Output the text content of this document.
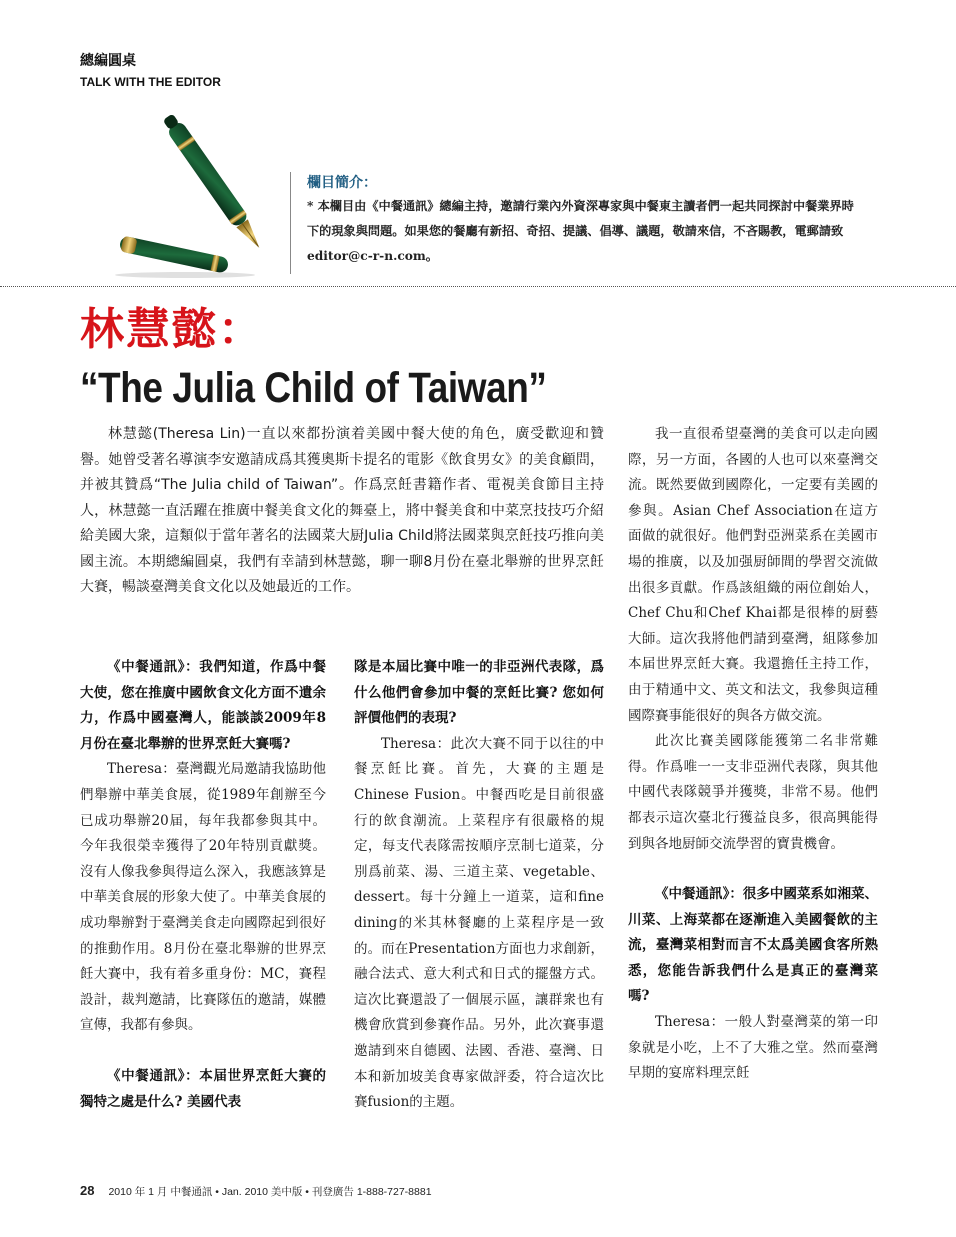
總編圓桌
TALK WITH THE EDITOR

欄目簡介：

* 本欄目由《中餐通訊》總編主持，邀請行業內外資深專家與中餐東主讀者們一起共同探討中餐業界時下的現象與問題。如果您的餐廳有新招、奇招、提議、倡導、議題，敬請來信，不吝賜教，電郵請致editor@c-r-n.com。

林慧懿：
“The Julia Child of Taiwan”

林慧懿(Theresa Lin)一直以來都扮演着美國中餐大使的角色，廣受歡迎和贊譽。她曾受著名導演李安邀請成爲其獲奧斯卡提名的電影《飲食男女》的美食顧問，并被其贊爲“The Julia child of Taiwan”。作爲烹飪書籍作者、電視美食節目主持人，林慧懿一直活躍在推廣中餐美食文化的舞臺上，將中餐美食和中菜烹技技巧介紹給美國大衆，這類似于當年著名的法國菜大厨Julia Child將法國菜與烹飪技巧推向美國主流。本期總編圓桌，我們有幸請到林慧懿，聊一聊8月份在臺北舉辦的世界烹飪大賽，暢談臺灣美食文化以及她最近的工作。

《中餐通訊》：我們知道，作爲中餐大使，您在推廣中國飲食文化方面不遺余力，作爲中國臺灣人，能談談2009年8月份在臺北舉辦的世界烹飪大賽嗎?

Theresa：臺灣觀光局邀請我協助他們舉辦中華美食展，從1989年創辦至今已成功舉辦20届，每年我都參與其中。今年我很榮幸獲得了20年特別貢獻獎。沒有人像我參與得這么深入，我應該算是中華美食展的形象大使了。中華美食展的成功舉辦對于臺灣美食走向國際起到很好的推動作用。8月份在臺北舉辦的世界烹飪大賽中，我有着多重身份：MC，賽程設計，裁判邀請，比賽隊伍的邀請，媒體宣傳，我都有參與。

《中餐通訊》：本届世界烹飪大賽的獨特之處是什么? 美國代表

隊是本屆比賽中唯一的非亞洲代表隊，爲什么他們會參加中餐的烹飪比賽? 您如何評價他們的表現?

Theresa：此次大賽不同于以往的中餐烹飪比賽。首先，大賽的主題是Chinese Fusion。中餐西吃是目前很盛行的飲食潮流。上菜程序有很嚴格的規定，每支代表隊需按順序烹制七道菜，分別爲前菜、湯、三道主菜、vegetable、dessert。每十分鐘上一道菜，這和fine dining的米其林餐廳的上菜程序是一致的。而在Presentation方面也力求創新，融合法式、意大利式和日式的擺盤方式。這次比賽還設了一個展示區，讓群衆也有機會欣賞到參賽作品。另外，此次賽事還邀請到來自德國、法國、香港、臺灣、日本和新加坡美食專家做評委，符合這次比賽fusion的主題。

我一直很希望臺灣的美食可以走向國際，另一方面，各國的人也可以來臺灣交流。既然要做到國際化，一定要有美國的參與。Asian Chef Association在這方面做的就很好。他們對亞洲菜系在美國市場的推廣，以及加强厨師間的學習交流做出很多貢獻。作爲該組織的兩位創始人，Chef Chu和Chef Khai都是很棒的厨藝大師。這次我將他們請到臺灣，組隊參加本届世界烹飪大賽。我還擔任主持工作，由于精通中文、英文和法文，我參與這種國際賽事能很好的與各方做交流。

此次比賽美國隊能獲第二名非常難得。作爲唯一一支非亞洲代表隊，與其他中國代表隊競爭并獲獎，非常不易。他們都表示這次臺北行獲益良多，很高興能得到與各地厨師交流學習的寶貴機會。

《中餐通訊》：很多中國菜系如湘菜、川菜、上海菜都在逐漸進入美國餐飲的主流，臺灣菜相對而言不太爲美國食客所熟悉，您能告訴我們什么是真正的臺灣菜嗎?

Theresa：一般人對臺灣菜的第一印象就是小吃，上不了大雅之堂。然而臺灣早期的宴席料理烹飪

28 2010 年 1 月 中餐通訊 • Jan. 2010 美中版 • 刊登廣告 1-888-727-8881
